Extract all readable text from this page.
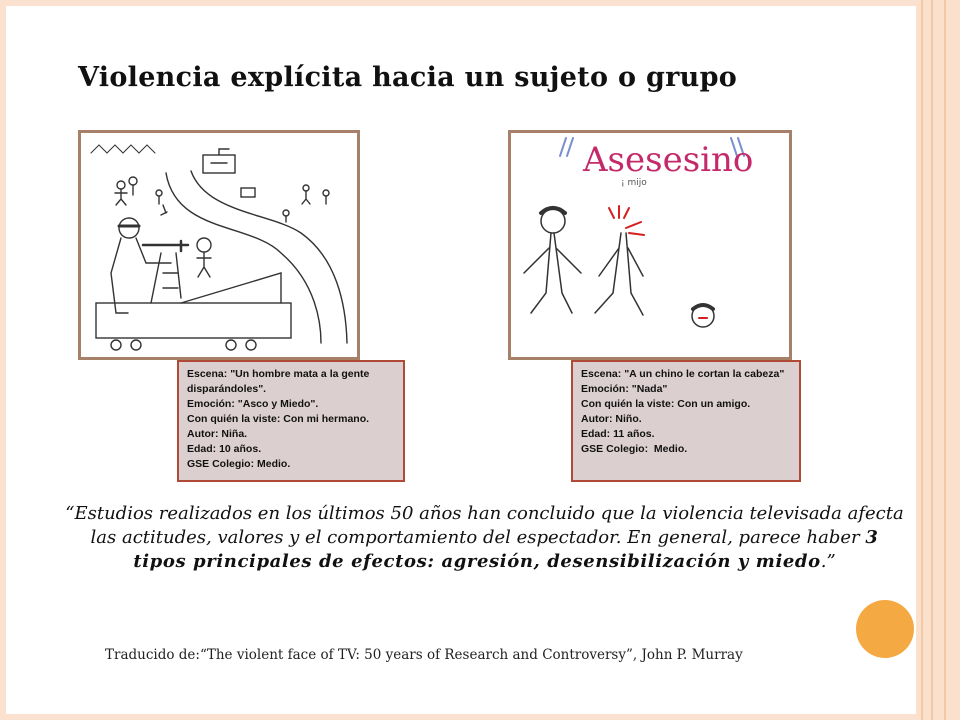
Violencia explícita hacia un sujeto o grupo
Asesesino
¡ mijo
Escena: "Un hombre mata a la gente disparándoles".
Emoción: "Asco y Miedo".
Con quién la viste: Con mi hermano.
Autor: Niña.
Edad: 10 años.
GSE Colegio: Medio.
Escena: "A un chino le cortan la cabeza"
Emoción: "Nada"
Con quién la viste: Con un amigo.
Autor: Niño.
Edad: 11 años.
GSE Colegio:  Medio.
“Estudios realizados en los últimos 50 años han concluido que la violencia televisada afecta las actitudes, valores y el comportamiento del espectador. En general, parece haber 3 tipos principales de efectos: agresión, desensibilización y miedo.”
Traducido de:“The violent face of TV: 50 years of Research and Controversy”, John P. Murray
